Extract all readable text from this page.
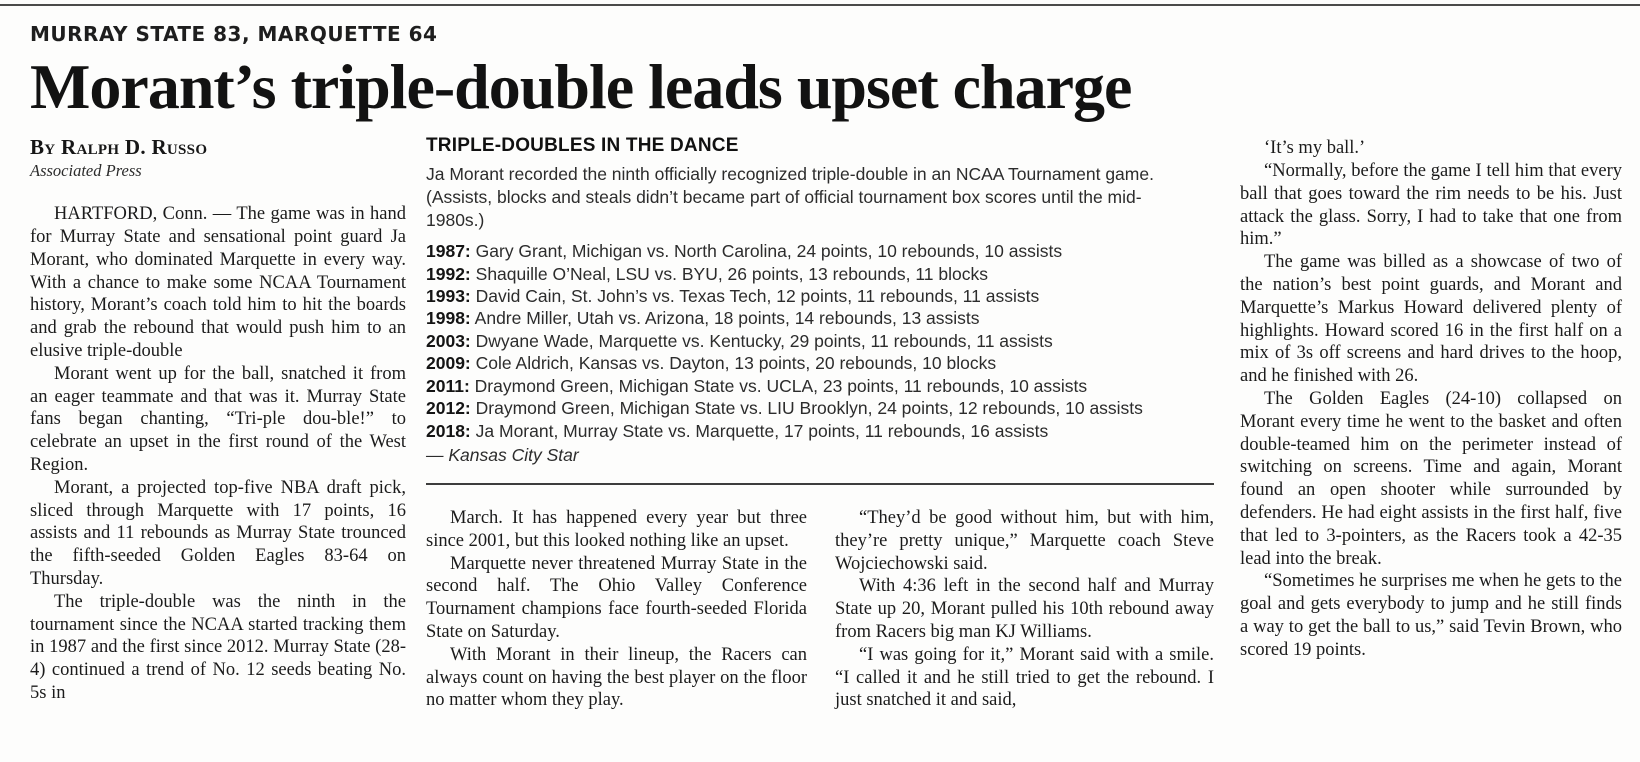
MURRAY STATE 83, MARQUETTE 64
Morant’s triple-double leads upset charge
By Ralph D. Russo
Associated Press

HARTFORD, Conn. — The game was in hand for Murray State and sensational point guard Ja Morant, who dominated Marquette in every way. With a chance to make some NCAA Tournament history, Morant’s coach told him to hit the boards and grab the rebound that would push him to an elusive triple-double

Morant went up for the ball, snatched it from an eager teammate and that was it. Murray State fans began chanting, “Tri-ple dou-ble!” to celebrate an upset in the first round of the West Region.

Morant, a projected top-five NBA draft pick, sliced through Marquette with 17 points, 16 assists and 11 rebounds as Murray State trounced the fifth-seeded Golden Eagles 83-64 on Thursday.

The triple-double was the ninth in the tournament since the NCAA started tracking them in 1987 and the first since 2012. Murray State (28-4) continued a trend of No. 12 seeds beating No. 5s in

TRIPLE-DOUBLES IN THE DANCE
Ja Morant recorded the ninth officially recognized triple-double in an NCAA Tournament game. (Assists, blocks and steals didn’t became part of official tournament box scores until the mid-1980s.)
1987: Gary Grant, Michigan vs. North Carolina, 24 points, 10 rebounds, 10 assists
1992: Shaquille O’Neal, LSU vs. BYU, 26 points, 13 rebounds, 11 blocks
1993: David Cain, St. John’s vs. Texas Tech, 12 points, 11 rebounds, 11 assists
1998: Andre Miller, Utah vs. Arizona, 18 points, 14 rebounds, 13 assists
2003: Dwyane Wade, Marquette vs. Kentucky, 29 points, 11 rebounds, 11 assists
2009: Cole Aldrich, Kansas vs. Dayton, 13 points, 20 rebounds, 10 blocks
2011: Draymond Green, Michigan State vs. UCLA, 23 points, 11 rebounds, 10 assists
2012: Draymond Green, Michigan State vs. LIU Brooklyn, 24 points, 12 rebounds, 10 assists
2018: Ja Morant, Murray State vs. Marquette, 17 points, 11 rebounds, 16 assists
— Kansas City Star

March. It has happened every year but three since 2001, but this looked nothing like an upset.

Marquette never threatened Murray State in the second half. The Ohio Valley Conference Tournament champions face fourth-seeded Florida State on Saturday.

With Morant in their lineup, the Racers can always count on having the best player on the floor no matter whom they play.

“They’d be good without him, but with him, they’re pretty unique,” Marquette coach Steve Wojciechowski said.

With 4:36 left in the second half and Murray State up 20, Morant pulled his 10th rebound away from Racers big man KJ Williams.

“I was going for it,” Morant said with a smile. “I called it and he still tried to get the rebound. I just snatched it and said,

‘It’s my ball.’

“Normally, before the game I tell him that every ball that goes toward the rim needs to be his. Just attack the glass. Sorry, I had to take that one from him.”

The game was billed as a showcase of two of the nation’s best point guards, and Morant and Marquette’s Markus Howard delivered plenty of highlights. Howard scored 16 in the first half on a mix of 3s off screens and hard drives to the hoop, and he finished with 26.

The Golden Eagles (24-10) collapsed on Morant every time he went to the basket and often double-teamed him on the perimeter instead of switching on screens. Time and again, Morant found an open shooter while surrounded by defenders. He had eight assists in the first half, five that led to 3-pointers, as the Racers took a 42-35 lead into the break.

“Sometimes he surprises me when he gets to the goal and gets everybody to jump and he still finds a way to get the ball to us,” said Tevin Brown, who scored 19 points.
